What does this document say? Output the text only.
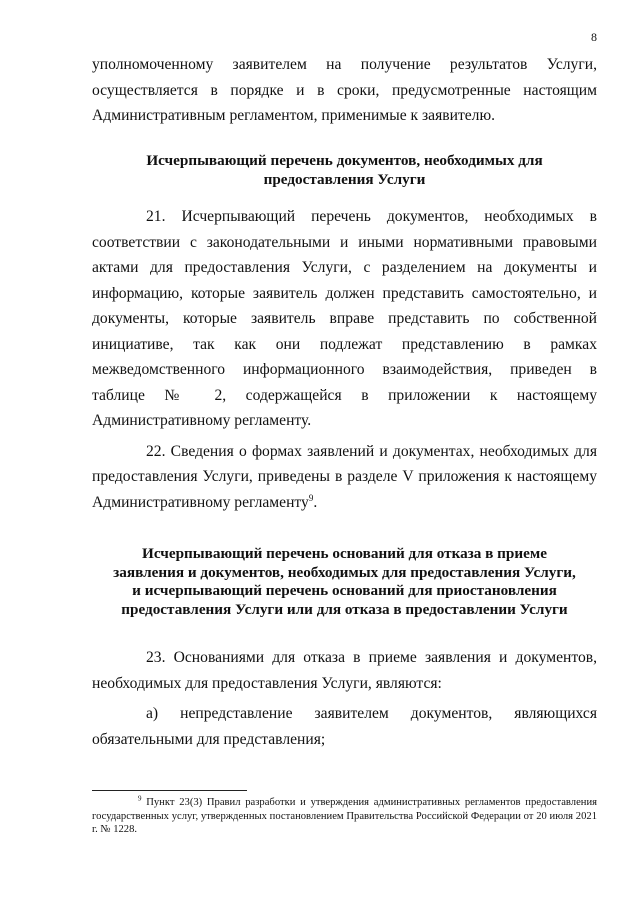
8

уполномоченному заявителем на получение результатов Услуги, осуществляется в порядке и в сроки, предусмотренные настоящим Административным регламентом, применимые к заявителю.

Исчерпывающий перечень документов, необходимых для
предоставления Услуги

21. Исчерпывающий перечень документов, необходимых в соответствии с законодательными и иными нормативными правовыми актами для предоставления Услуги, с разделением на документы и информацию, которые заявитель должен представить самостоятельно, и документы, которые заявитель вправе представить по собственной инициативе, так как они подлежат представлению в рамках межведомственного информационного взаимодействия, приведен в таблице № 2, содержащейся в приложении к настоящему Административному регламенту.

22. Сведения о формах заявлений и документах, необходимых для предоставления Услуги, приведены в разделе V приложения к настоящему Административному регламенту$^9$.

Исчерпывающий перечень оснований для отказа в приеме
заявления и документов, необходимых для предоставления Услуги,
и исчерпывающий перечень оснований для приостановления
предоставления Услуги или для отказа в предоставлении Услуги

23. Основаниями для отказа в приеме заявления и документов, необходимых для предоставления Услуги, являются:

а) непредставление заявителем документов, являющихся обязательными для представления;

$^9$ Пункт 23(3) Правил разработки и утверждения административных регламентов предоставления государственных услуг, утвержденных постановлением Правительства Российской Федерации от 20 июля 2021 г. № 1228.
